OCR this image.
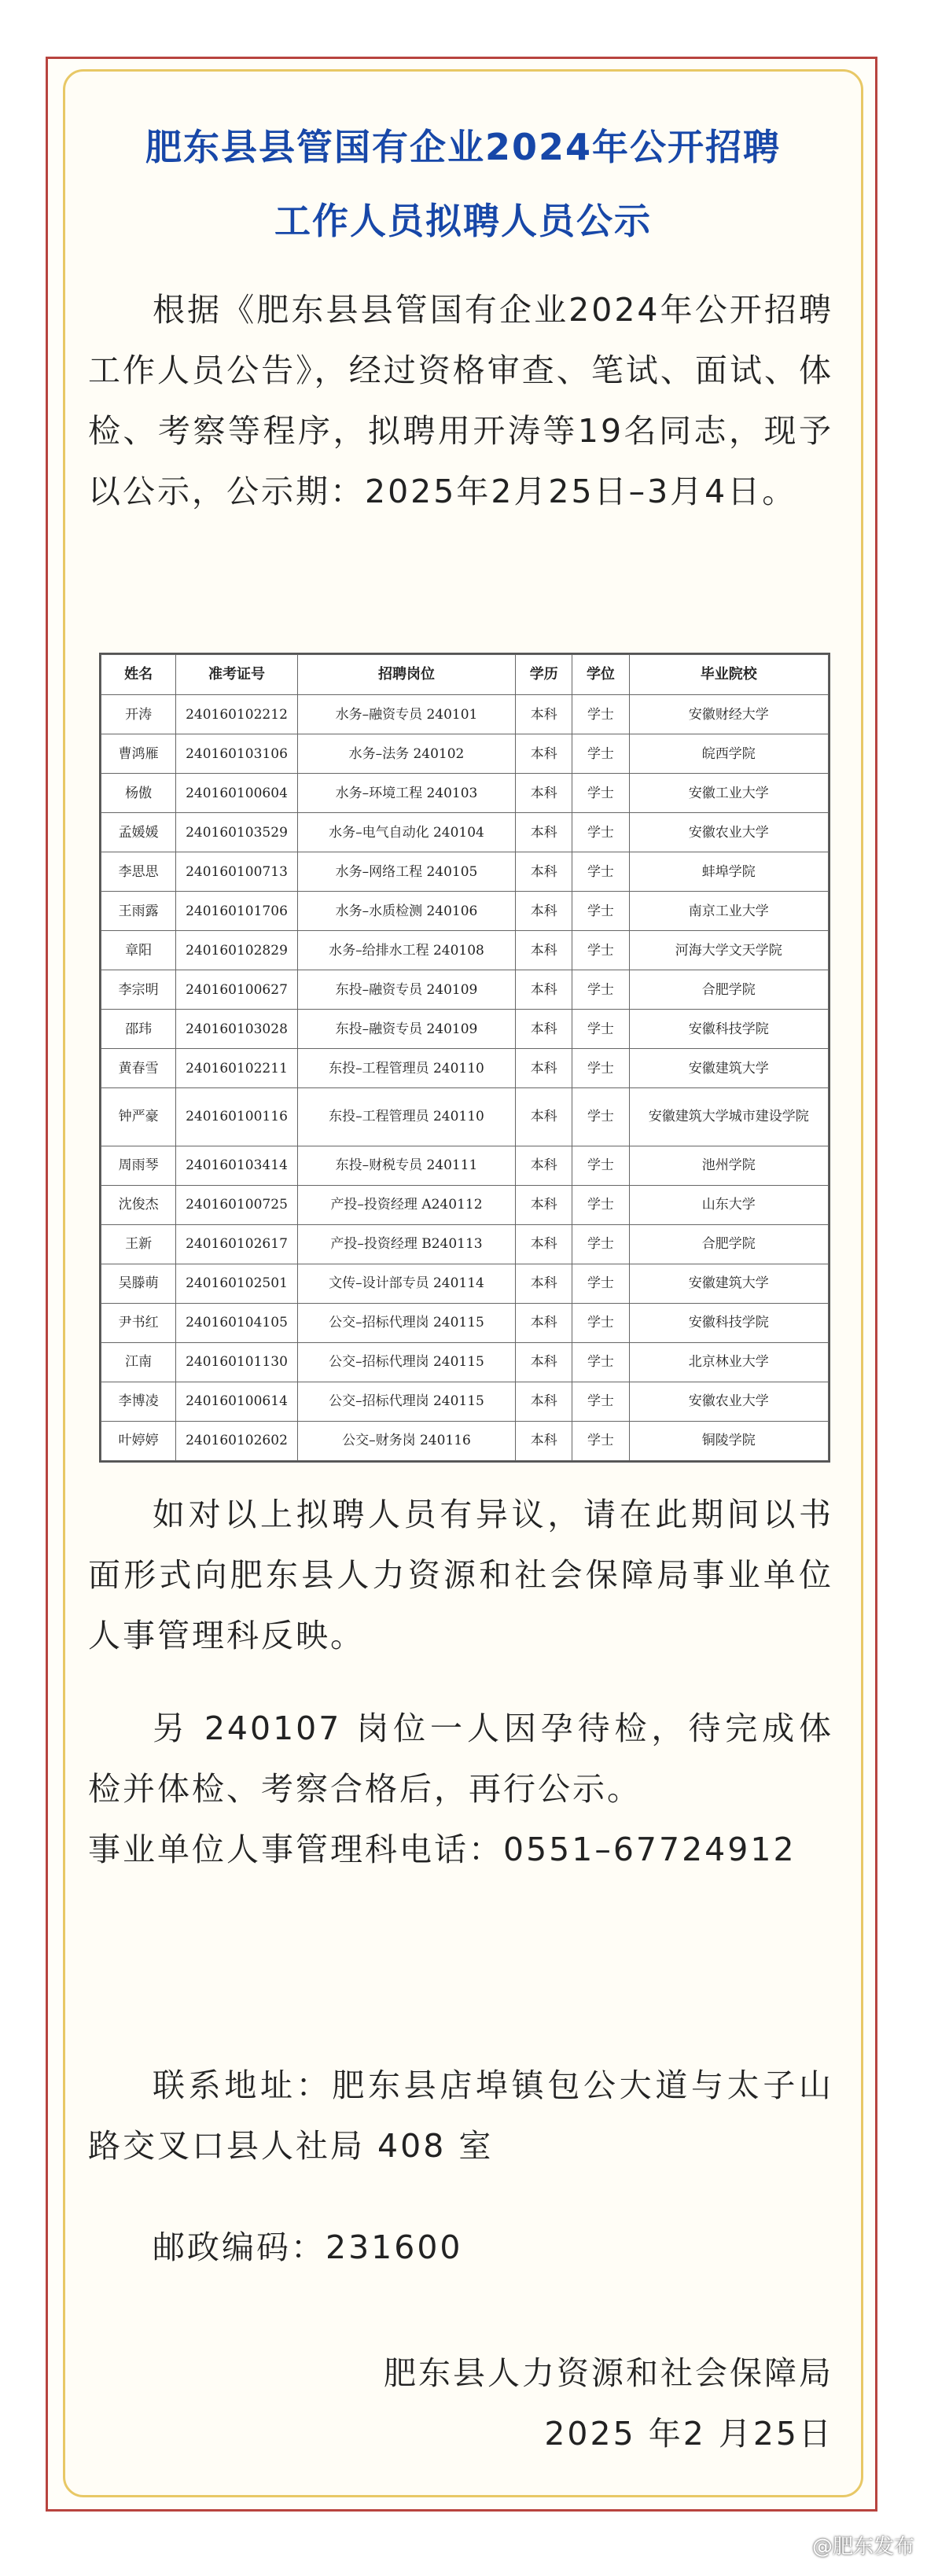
肥东县县管国有企业2024年公开招聘
工作人员拟聘人员公示

根据《肥东县县管国有企业2024年公开招聘工作人员公告》，经过资格审查、笔试、面试、体检、考察等程序，拟聘用开涛等19名同志，现予以公示，公示期：2025年2月25日–3月4日。

姓名	准考证号	招聘岗位	学历	学位	毕业院校
开涛	240160102212	水务–融资专员 240101	本科	学士	安徽财经大学
曹鸿雁	240160103106	水务–法务 240102	本科	学士	皖西学院
杨傲	240160100604	水务–环境工程 240103	本科	学士	安徽工业大学
孟媛媛	240160103529	水务–电气自动化 240104	本科	学士	安徽农业大学
李思思	240160100713	水务–网络工程 240105	本科	学士	蚌埠学院
王雨露	240160101706	水务–水质检测 240106	本科	学士	南京工业大学
章阳	240160102829	水务–给排水工程 240108	本科	学士	河海大学文天学院
李宗明	240160100627	东投–融资专员 240109	本科	学士	合肥学院
邵玮	240160103028	东投–融资专员 240109	本科	学士	安徽科技学院
黄春雪	240160102211	东投–工程管理员 240110	本科	学士	安徽建筑大学
钟严豪	240160100116	东投–工程管理员 240110	本科	学士	安徽建筑大学城市建设学院
周雨琴	240160103414	东投–财税专员 240111	本科	学士	池州学院
沈俊杰	240160100725	产投–投资经理 A240112	本科	学士	山东大学
王新	240160102617	产投–投资经理 B240113	本科	学士	合肥学院
吴滕萌	240160102501	文传–设计部专员 240114	本科	学士	安徽建筑大学
尹书红	240160104105	公交–招标代理岗 240115	本科	学士	安徽科技学院
江南	240160101130	公交–招标代理岗 240115	本科	学士	北京林业大学
李博凌	240160100614	公交–招标代理岗 240115	本科	学士	安徽农业大学
叶婷婷	240160102602	公交–财务岗 240116	本科	学士	铜陵学院

如对以上拟聘人员有异议，请在此期间以书面形式向肥东县人力资源和社会保障局事业单位人事管理科反映。

另 240107 岗位一人因孕待检，待完成体检并体检、考察合格后，再行公示。

事业单位人事管理科电话：0551–67724912

联系地址：肥东县店埠镇包公大道与太子山路交叉口县人社局 408 室

邮政编码：231600

肥东县人力资源和社会保障局

2025 年2 月25日

@肥东发布
